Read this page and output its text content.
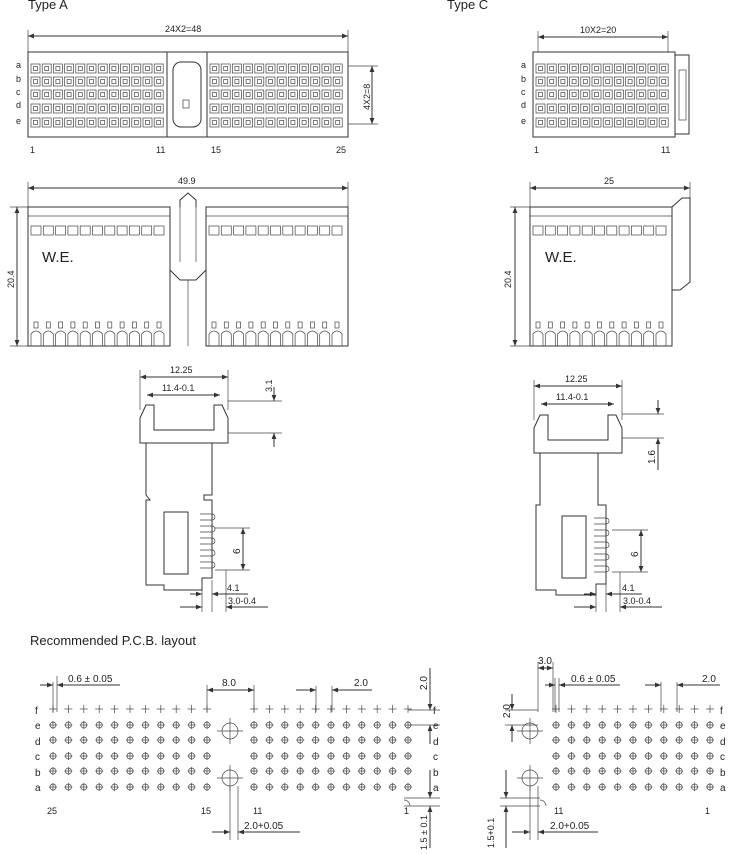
Type A	Type C
Recommended P.C.B. layout
24X2=48
a
b
c
d
e
4X2=8
1	11	15	25
10X2=20
a
b
c
d
e
1	11
49.9
20.4
W.E.
25
20.4
W.E.
12.25
11.4-0.1	3.1
6
4.1
3.0-0.4
12.25
11.4-0.1
1.6
6
4.1
3.0-0.4
f
e
d
c
b
a
f
e
d
c
b
a
25	15	11	1
0.6 ± 0.05	8.0	2.0	2.0
2.0+0.05	1.5 ± 0.1
f
e
d
c
b
a
11	1
3.0
0.6 ± 0.05	2.0
2.0
1.5+0.1	2.0+0.05
